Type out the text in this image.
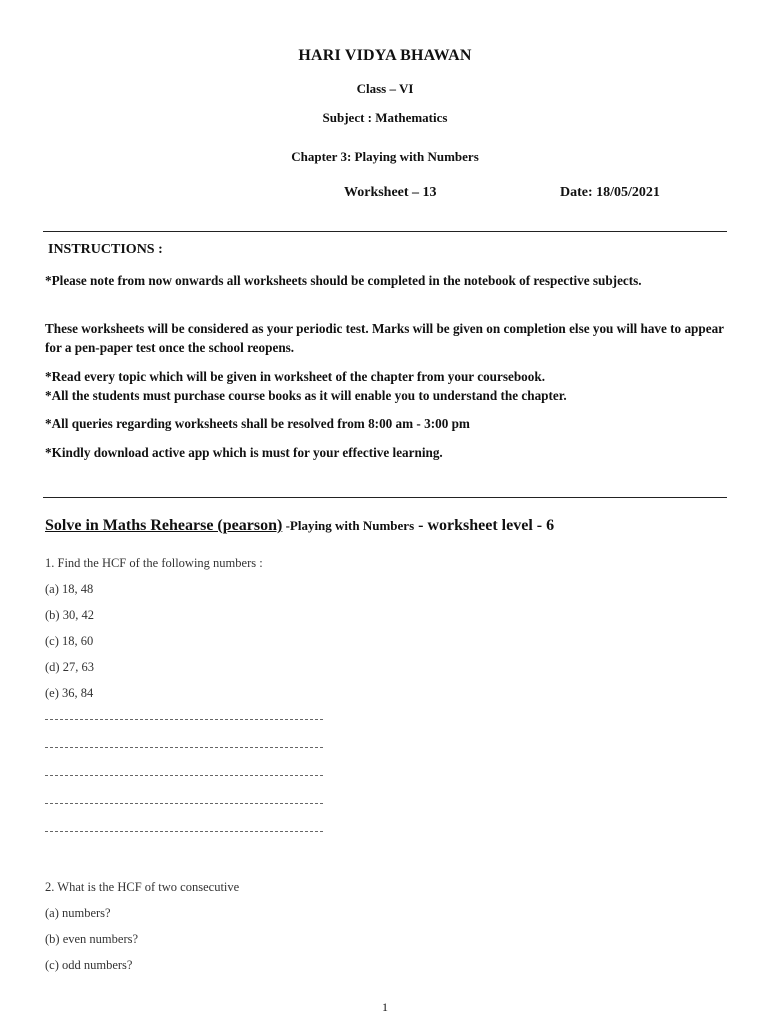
HARI VIDYA BHAWAN
Class – VI
Subject : Mathematics
Chapter 3: Playing with Numbers
Worksheet – 13	Date: 18/05/2021
INSTRUCTIONS :
*Please note from now onwards all worksheets should be completed in the notebook of respective subjects.
These worksheets will be considered as your periodic test. Marks will be given on completion else you will have to appear for a pen-paper test once the school reopens.
*Read every topic which will be given in worksheet of the chapter from your coursebook.
*All the students must purchase course books as it will enable you to understand the chapter.
*All queries regarding worksheets shall be resolved from 8:00 am - 3:00 pm
*Kindly download active app which is must for your effective learning.
Solve in Maths Rehearse (pearson) -Playing with Numbers - worksheet level - 6
1. Find the HCF of the following numbers :
(a) 18, 48
(b) 30, 42
(c) 18, 60
(d) 27, 63
(e) 36, 84
2. What is the HCF of two consecutive
(a) numbers?
(b) even numbers?
(c) odd numbers?
1
